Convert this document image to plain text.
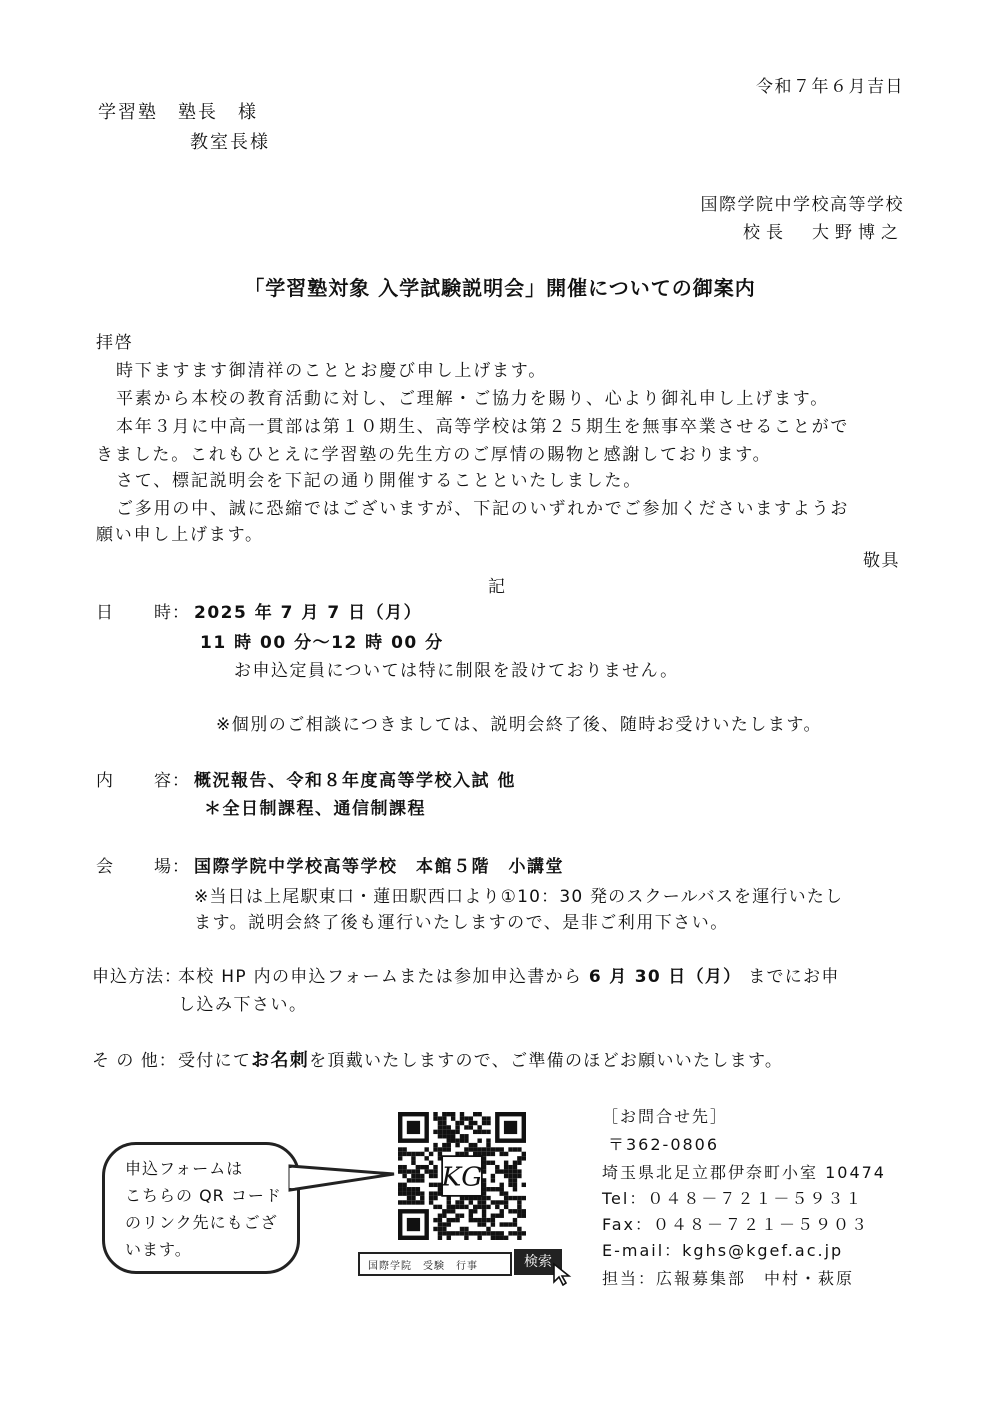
令和７年６月吉日
学習塾　塾長　様
教室長様
国際学院中学校高等学校
校長　大野博之
「学習塾対象 入学試験説明会」開催についての御案内
拝啓
時下ますます御清祥のこととお慶び申し上げます。
平素から本校の教育活動に対し、ご理解・ご協力を賜り、心より御礼申し上げます。
本年３月に中高一貫部は第１０期生、高等学校は第２５期生を無事卒業させることがで
きました。これもひとえに学習塾の先生方のご厚情の賜物と感謝しております。
さて、標記説明会を下記の通り開催することといたしました。
ご多用の中、誠に恐縮ではございますが、下記のいずれかでご参加くださいますようお
願い申し上げます。
敬具
記
日 時： 2025 年 7 月 7 日（月）
11 時 00 分～12 時 00 分
お申込定員については特に制限を設けておりません。
※個別のご相談につきましては、説明会終了後、随時お受けいたします。
内 容： 概況報告、令和８年度高等学校入試 他
＊全日制課程、通信制課程
会 場： 国際学院中学校高等学校　本館５階　小講堂
※当日は上尾駅東口・蓮田駅西口より①10：30 発のスクールバスを運行いたし
ます。説明会終了後も運行いたしますので、是非ご利用下さい。
申込方法：
本校 HP 内の申込フォームまたは参加申込書から 6 月 30 日（月） までにお申
し込み下さい。
そ の 他： 受付にてお名刺を頂戴いたしますので、ご準備のほどお願いいたします。
申込フォームは
こちらの QR コード
のリンク先にもござ
います。
KG
国際学院　受験　行事	検索
［お問合せ先］
〒362-0806
埼玉県北足立郡伊奈町小室 10474
Tel：０４８－７２１－５９３１
Fax：０４８－７２１－５９０３
E-mail：kghs@kgef.ac.jp
担当：広報募集部　中村・萩原
